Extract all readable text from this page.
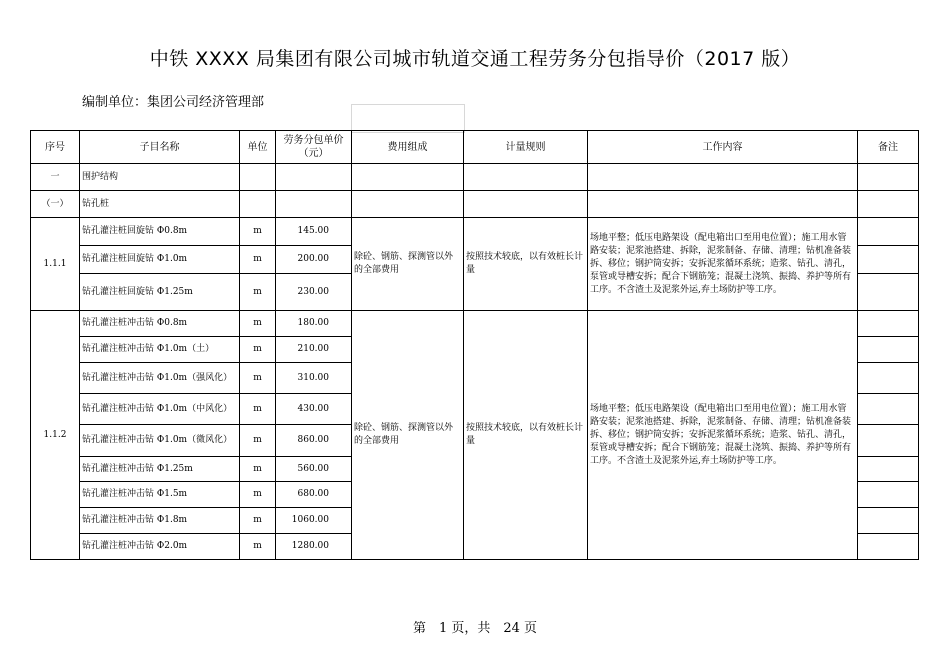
中铁 XXXX 局集团有限公司城市轨道交通工程劳务分包指导价（2017 版）
编制单位：集团公司经济管理部
序号	子目名称	单位	劳务分包单价（元）	费用组成	计量规则	工作内容	备注
一	围护结构						
（一）	钻孔桩						
1.1.1	钻孔灌注桩回旋钻 Φ0.8m	m	145.00	除砼、钢筋、探测管以外的全部费用	按照技术较底，以有效桩长计量	场地平整；低压电路架设（配电箱出口至用电位置）；施工用水管路安装；泥浆池搭建、拆除，泥浆制备、存储、清理；钻机准备装拆、移位；钢护筒安拆；安拆泥浆循环系统；造浆、钻孔、清孔，泵管或导槽安拆；配合下钢筋笼；混凝土浇筑、振捣、养护等所有工序。不含渣土及泥浆外运,弃土场防护等工序。	
	钻孔灌注桩回旋钻 Φ1.0m	m	200.00				
	钻孔灌注桩回旋钻 Φ1.25m	m	230.00				
1.1.2	钻孔灌注桩冲击钻 Φ0.8m	m	180.00	除砼、钢筋、探测管以外的全部费用	按照技术较底，以有效桩长计量	场地平整；低压电路架设（配电箱出口至用电位置）；施工用水管路安装；泥浆池搭建、拆除，泥浆制备、存储、清理；钻机准备装拆、移位；钢护筒安拆；安拆泥浆循环系统；造浆、钻孔、清孔，泵管或导槽安拆；配合下钢筋笼；混凝土浇筑、振捣、养护等所有工序。不含渣土及泥浆外运,弃土场防护等工序。	
	钻孔灌注桩冲击钻 Φ1.0m（土）	m	210.00				
	钻孔灌注桩冲击钻 Φ1.0m（强风化）	m	310.00				
	钻孔灌注桩冲击钻 Φ1.0m（中风化）	m	430.00				
	钻孔灌注桩冲击钻 Φ1.0m（微风化）	m	860.00				
	钻孔灌注桩冲击钻 Φ1.25m	m	560.00				
	钻孔灌注桩冲击钻 Φ1.5m	m	680.00				
	钻孔灌注桩冲击钻 Φ1.8m	m	1060.00				
	钻孔灌注桩冲击钻 Φ2.0m	m	1280.00				
第　1 页，共　24 页
